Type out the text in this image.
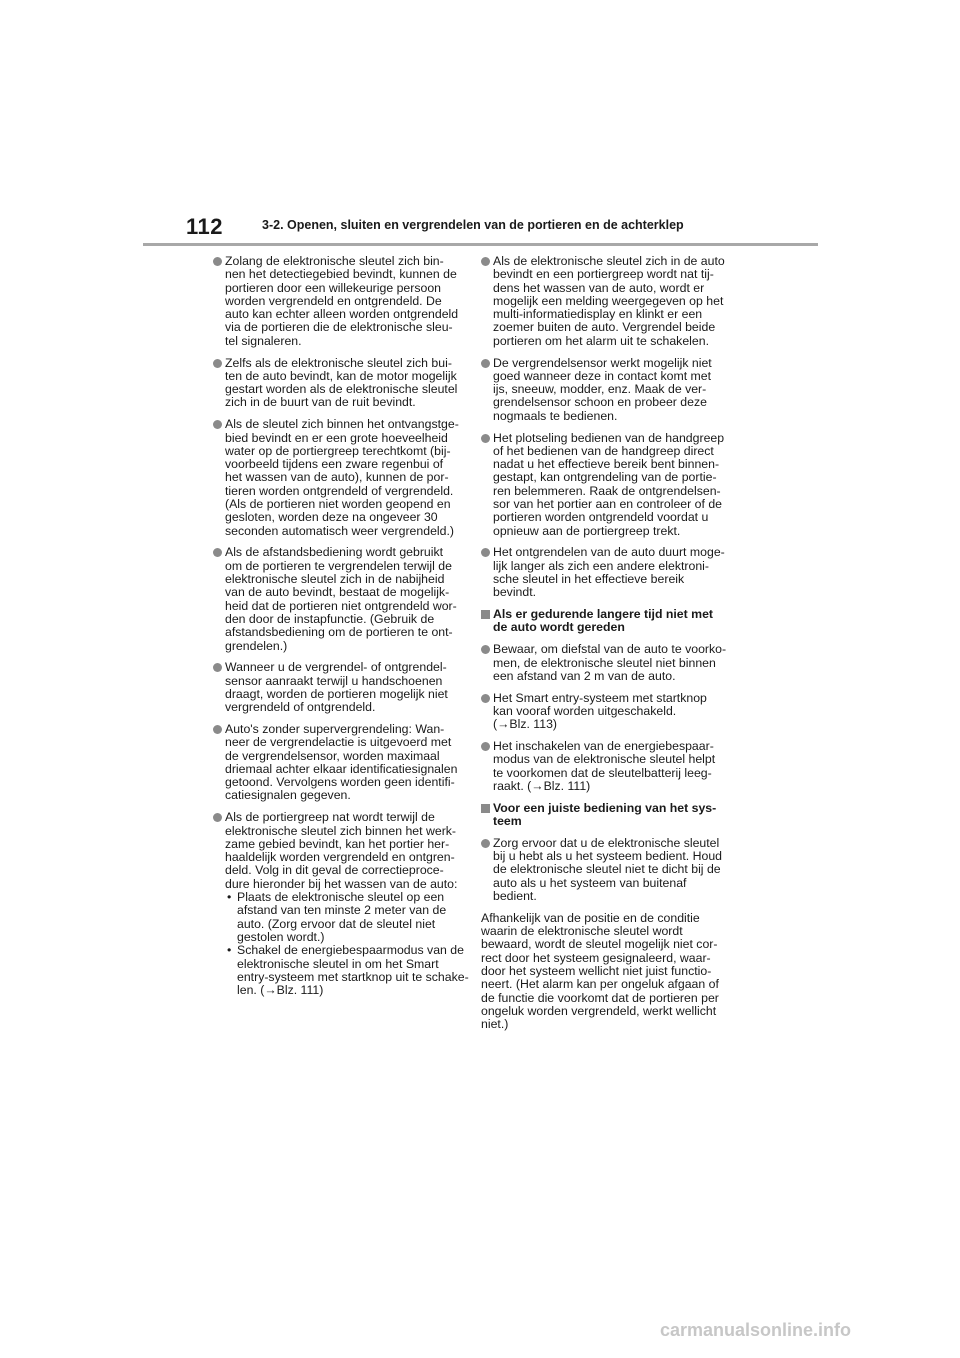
112	3-2. Openen, sluiten en vergrendelen van de portieren en de achterklep
Zolang de elektronische sleutel zich bin-
nen het detectiegebied bevindt, kunnen de
portieren door een willekeurige persoon
worden vergrendeld en ontgrendeld. De
auto kan echter alleen worden ontgrendeld
via de portieren die de elektronische sleu-
tel signaleren.
Zelfs als de elektronische sleutel zich bui-
ten de auto bevindt, kan de motor mogelijk
gestart worden als de elektronische sleutel
zich in de buurt van de ruit bevindt.
Als de sleutel zich binnen het ontvangstge-
bied bevindt en er een grote hoeveelheid
water op de portiergreep terechtkomt (bij-
voorbeeld tijdens een zware regenbui of
het wassen van de auto), kunnen de por-
tieren worden ontgrendeld of vergrendeld.
(Als de portieren niet worden geopend en
gesloten, worden deze na ongeveer 30
seconden automatisch weer vergrendeld.)
Als de afstandsbediening wordt gebruikt
om de portieren te vergrendelen terwijl de
elektronische sleutel zich in de nabijheid
van de auto bevindt, bestaat de mogelijk-
heid dat de portieren niet ontgrendeld wor-
den door de instapfunctie. (Gebruik de
afstandsbediening om de portieren te ont-
grendelen.)
Wanneer u de vergrendel- of ontgrendel-
sensor aanraakt terwijl u handschoenen
draagt, worden de portieren mogelijk niet
vergrendeld of ontgrendeld.
Auto's zonder supervergrendeling: Wan-
neer de vergrendelactie is uitgevoerd met
de vergrendelsensor, worden maximaal
driemaal achter elkaar identificatiesignalen
getoond. Vervolgens worden geen identifi-
catiesignalen gegeven.
Als de portiergreep nat wordt terwijl de
elektronische sleutel zich binnen het werk-
zame gebied bevindt, kan het portier her-
haaldelijk worden vergrendeld en ontgren-
deld. Volg in dit geval de correctieproce-
dure hieronder bij het wassen van de auto:
• Plaats de elektronische sleutel op een
afstand van ten minste 2 meter van de
auto. (Zorg ervoor dat de sleutel niet
gestolen wordt.)
• Schakel de energiebespaarmodus van de
elektronische sleutel in om het Smart
entry-systeem met startknop uit te schake-
len. (→Blz. 111)
Als de elektronische sleutel zich in de auto
bevindt en een portiergreep wordt nat tij-
dens het wassen van de auto, wordt er
mogelijk een melding weergegeven op het
multi-informatiedisplay en klinkt er een
zoemer buiten de auto. Vergrendel beide
portieren om het alarm uit te schakelen.
De vergrendelsensor werkt mogelijk niet
goed wanneer deze in contact komt met
ijs, sneeuw, modder, enz. Maak de ver-
grendelsensor schoon en probeer deze
nogmaals te bedienen.
Het plotseling bedienen van de handgreep
of het bedienen van de handgreep direct
nadat u het effectieve bereik bent binnen-
gestapt, kan ontgrendeling van de portie-
ren belemmeren. Raak de ontgrendelsen-
sor van het portier aan en controleer of de
portieren worden ontgrendeld voordat u
opnieuw aan de portiergreep trekt.
Het ontgrendelen van de auto duurt moge-
lijk langer als zich een andere elektroni-
sche sleutel in het effectieve bereik
bevindt.
Als er gedurende langere tijd niet met
de auto wordt gereden
Bewaar, om diefstal van de auto te voorko-
men, de elektronische sleutel niet binnen
een afstand van 2 m van de auto.
Het Smart entry-systeem met startknop
kan vooraf worden uitgeschakeld.
(→Blz. 113)
Het inschakelen van de energiebespaar-
modus van de elektronische sleutel helpt
te voorkomen dat de sleutelbatterij leeg-
raakt. (→Blz. 111)
Voor een juiste bediening van het sys-
teem
Zorg ervoor dat u de elektronische sleutel
bij u hebt als u het systeem bedient. Houd
de elektronische sleutel niet te dicht bij de
auto als u het systeem van buitenaf
bedient.
Afhankelijk van de positie en de conditie
waarin de elektronische sleutel wordt
bewaard, wordt de sleutel mogelijk niet cor-
rect door het systeem gesignaleerd, waar-
door het systeem wellicht niet juist functio-
neert. (Het alarm kan per ongeluk afgaan of
de functie die voorkomt dat de portieren per
ongeluk worden vergrendeld, werkt wellicht
niet.)
carmanualsonline.info
